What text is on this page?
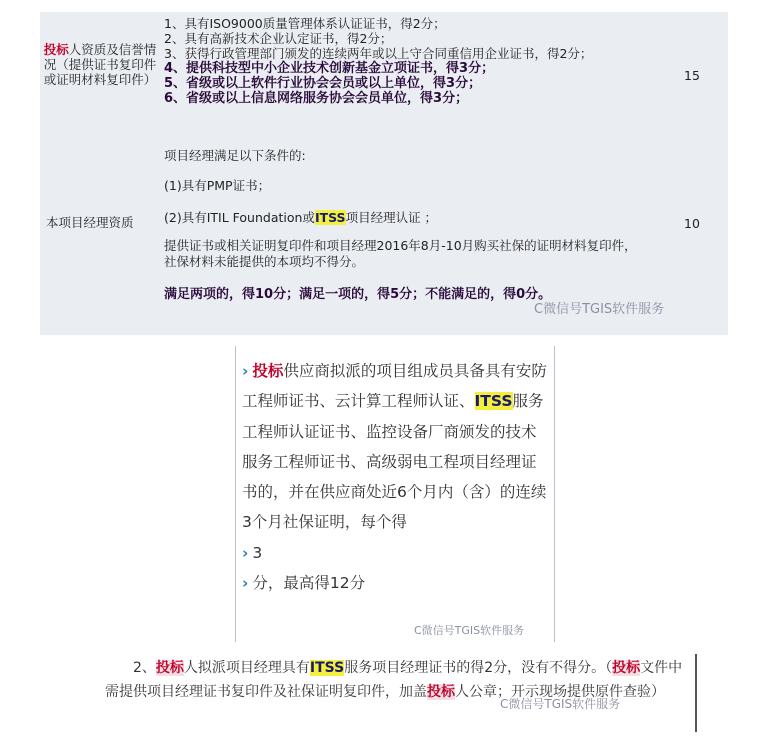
投标人资质及信誉情况（提供证书复印件或证明材料复印件）

1、具有ISO9000质量管理体系认证证书，得2分；

2、具有高新技术企业认定证书，得2分；

3、获得行政管理部门颁发的连续两年或以上守合同重信用企业证书，得2分；

4、提供科技型中小企业技术创新基金立项证书，得3分；

5、省级或以上软件行业协会会员或以上单位，得3分；

6、省级或以上信息网络服务协会会员单位，得3分；

15
本项目经理资质	10
项目经理满足以下条件的:
(1)具有PMP证书；
(2)具有ITIL Foundation或ITSS项目经理认证 ；
提供证书或相关证明复印件和项目经理2016年8月-10月购买社保的证明材料复印件，社保材料未能提供的本项均不得分。
满足两项的，得10分；满足一项的，得5分；不能满足的，得0分。
C微信号TGIS软件服务
› 投标供应商拟派的项目组成员具备具有安防工程师证书、云计算工程师认证、ITSS服务工程师认证证书、监控设备厂商颁发的技术服务工程师证书、高级弱电工程项目经理证书的，并在供应商处近6个月内（含）的连续3个月社保证明，每个得
› 3
› 分，最高得12分
C微信号TGIS软件服务
2、投标人拟派项目经理具有ITSS服务项目经理证书的得2分，没有不得分。（投标文件中需提供项目经理证书复印件及社保证明复印件，加盖投标人公章；开示现场提供原件查验）
C微信号TGIS软件服务
